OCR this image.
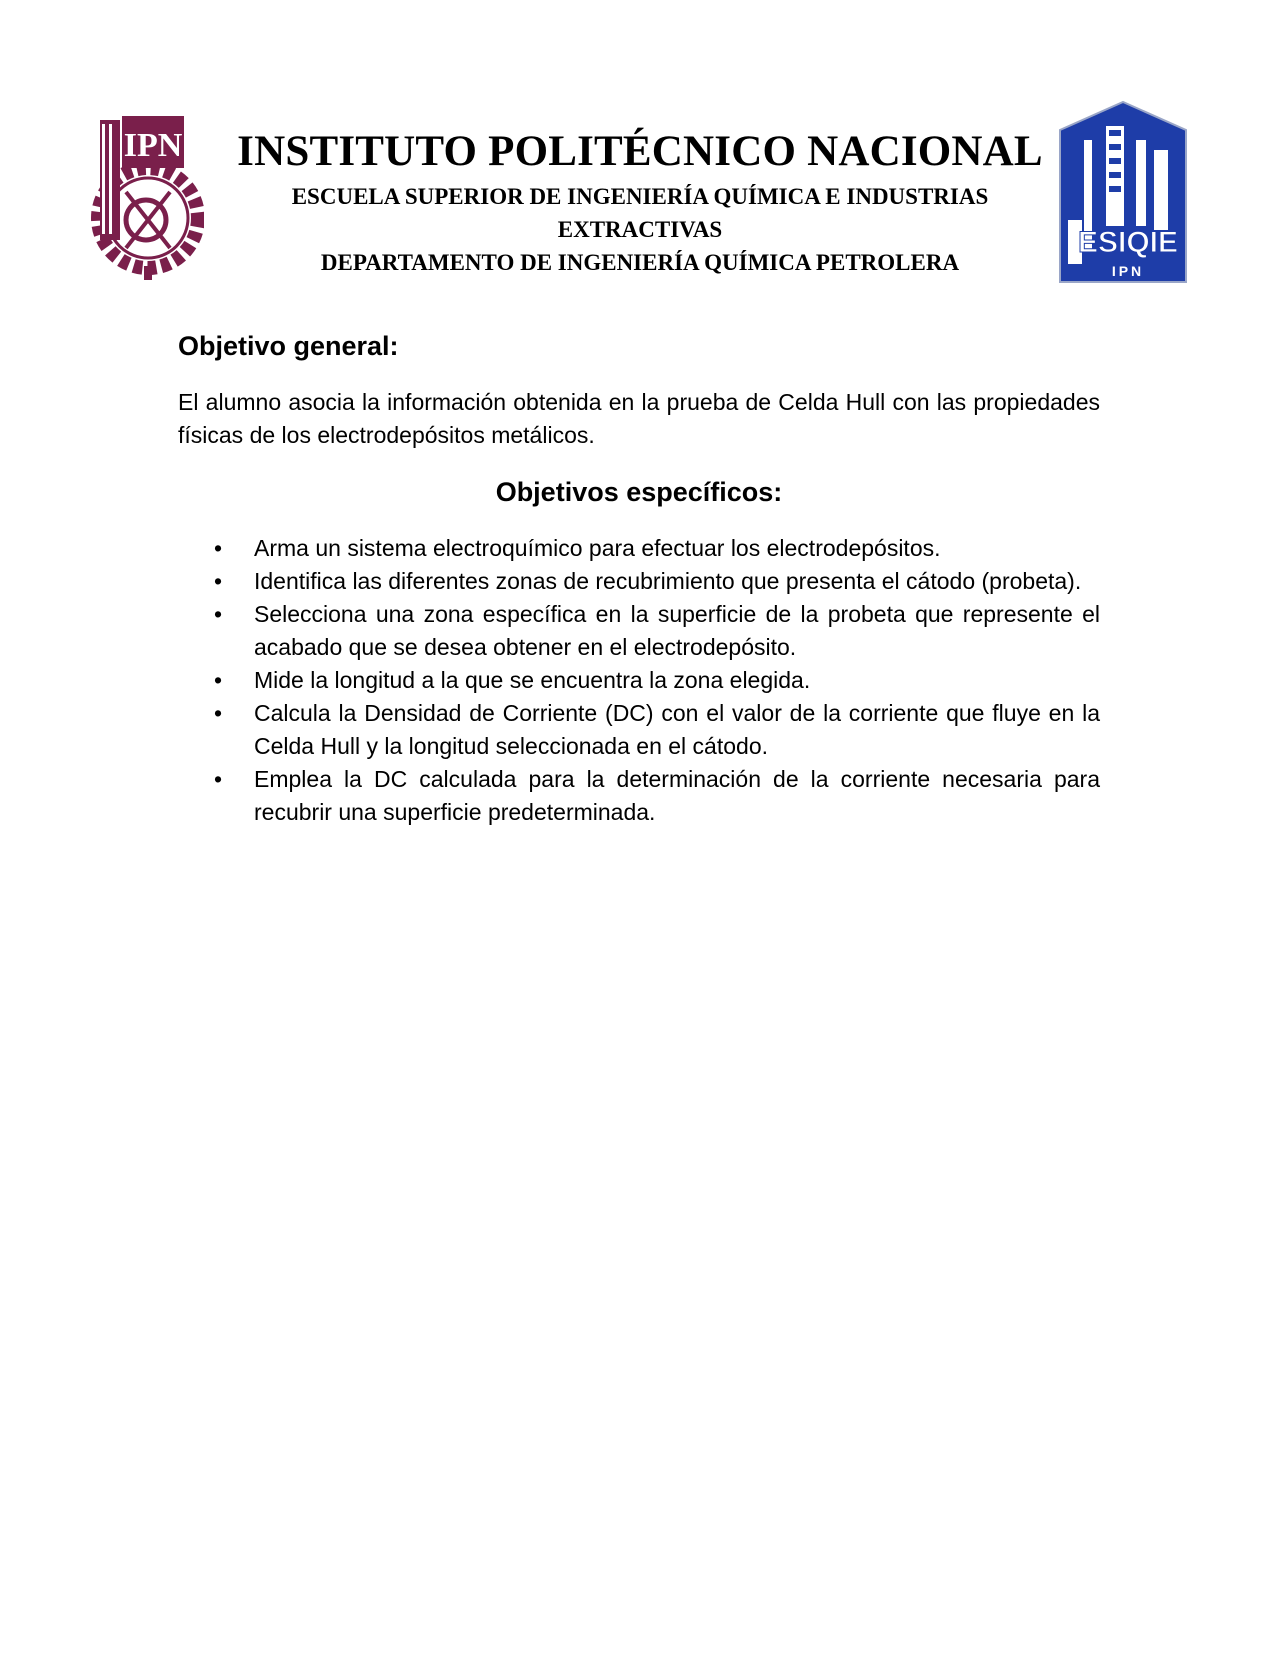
IPN	INSTITUTO POLITÉCNICO NACIONAL

ESCUELA SUPERIOR DE INGENIERÍA QUÍMICA E INDUSTRIAS EXTRACTIVAS

DEPARTAMENTO DE INGENIERÍA QUÍMICA PETROLERA

ESIQIE
IPN
Objetivo general:

El alumno asocia la información obtenida en la prueba de Celda Hull con las propiedades físicas de los electrodepósitos metálicos.

Objetivos específicos:
• Arma un sistema electroquímico para efectuar los electrodepósitos.
• Identifica las diferentes zonas de recubrimiento que presenta el cátodo (probeta).
• Selecciona una zona específica en la superficie de la probeta que represente el acabado que se desea obtener en el electrodepósito.
• Mide la longitud a la que se encuentra la zona elegida.
• Calcula la Densidad de Corriente (DC) con el valor de la corriente que fluye en la Celda Hull y la longitud seleccionada en el cátodo.
• Emplea la DC calculada para la determinación de la corriente necesaria para recubrir una superficie predeterminada.
